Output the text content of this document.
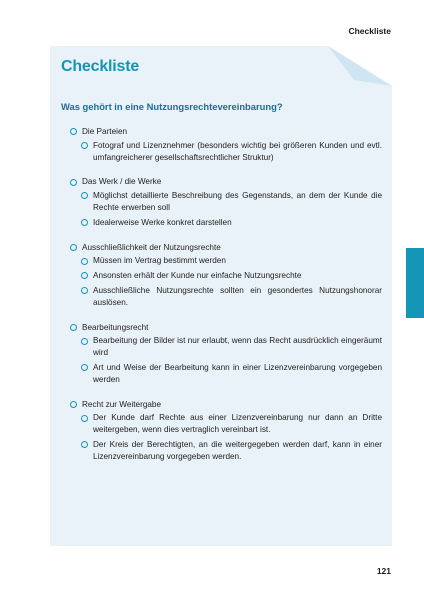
Checkliste
Checkliste
Was gehört in eine Nutzungsrechtevereinbarung?
Die Parteien
Fotograf und Lizenznehmer (besonders wichtig bei größeren Kunden und evtl. umfangreicherer gesellschaftsrechtlicher Struktur)
Das Werk / die Werke
Möglichst detaillierte Beschreibung des Gegenstands, an dem der Kunde die Rechte erwerben soll
Idealerweise Werke konkret darstellen
Ausschließlichkeit der Nutzungsrechte
Müssen im Vertrag bestimmt werden
Ansonsten erhält der Kunde nur einfache Nutzungsrechte
Ausschließliche Nutzungsrechte sollten ein gesondertes Nutzungshonorar auslösen.
Bearbeitungsrecht
Bearbeitung der Bilder ist nur erlaubt, wenn das Recht ausdrücklich eingeräumt wird
Art und Weise der Bearbeitung kann in einer Lizenzvereinbarung vorgegeben werden
Recht zur Weitergabe
Der Kunde darf Rechte aus einer Lizenzvereinbarung nur dann an Dritte weitergeben, wenn dies vertraglich vereinbart ist.
Der Kreis der Berechtigten, an die weitergegeben werden darf, kann in einer Lizenzvereinbarung vorgegeben werden.
121
